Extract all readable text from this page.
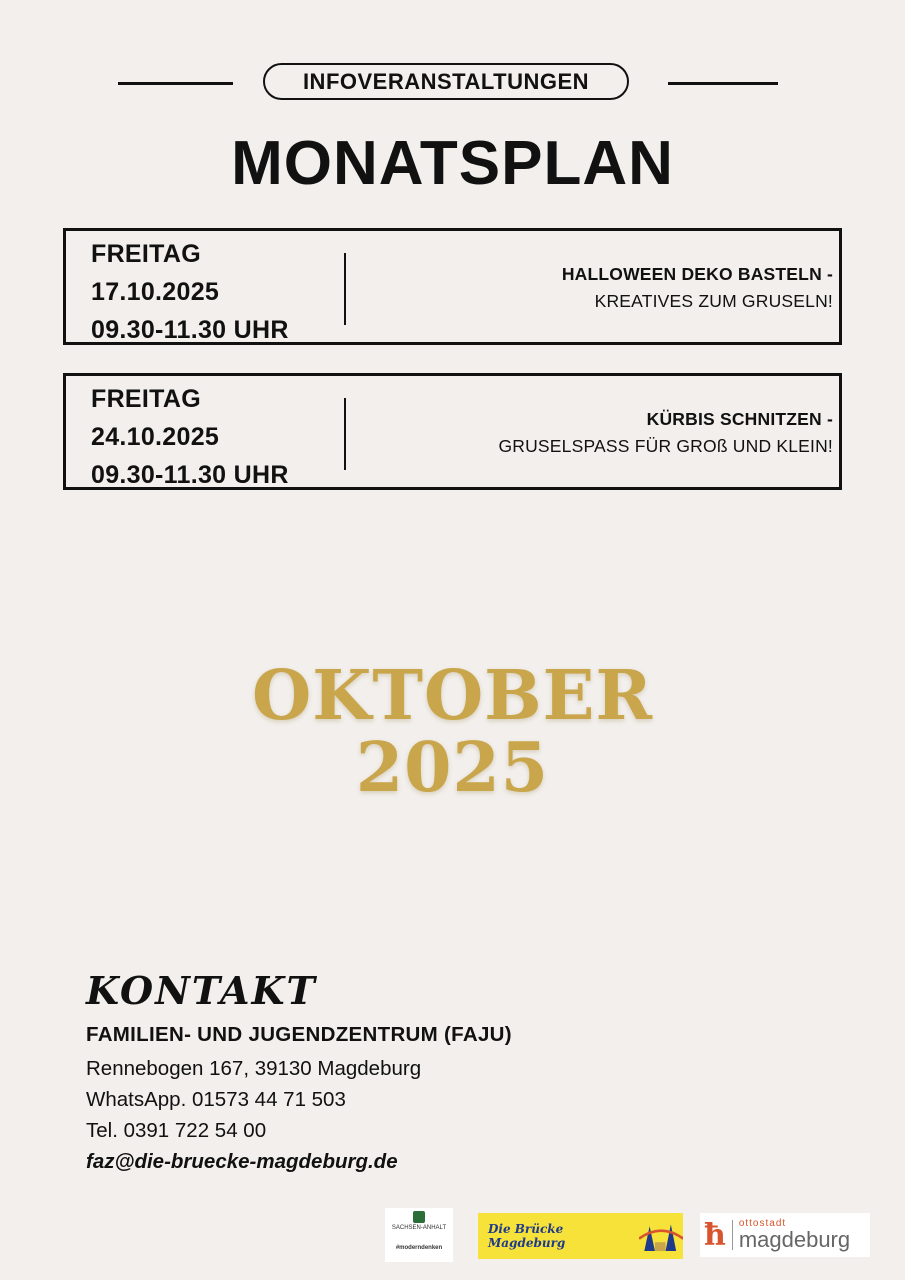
INFOVERANSTALTUNGEN
MONATSPLAN
FREITAG
17.10.2025
09.30-11.30 UHR
HALLOWEEN DEKO BASTELN -
KREATIVES ZUM GRUSELN!
FREITAG
24.10.2025
09.30-11.30 UHR
KÜRBIS SCHNITZEN -
GRUSELSPASS FÜR GROß UND KLEIN!
OKTOBER
2025
KONTAKT
FAMILIEN- UND JUGENDZENTRUM (FAJU)
Rennebogen 167, 39130 Magdeburg
WhatsApp. 01573 44 71 503
Tel. 0391 722 54 00
faz@die-bruecke-magdeburg.de
SACHSEN-ANHALT
#moderndenken
Die Brücke Magdeburg	ħ ottostadt
magdeburg
